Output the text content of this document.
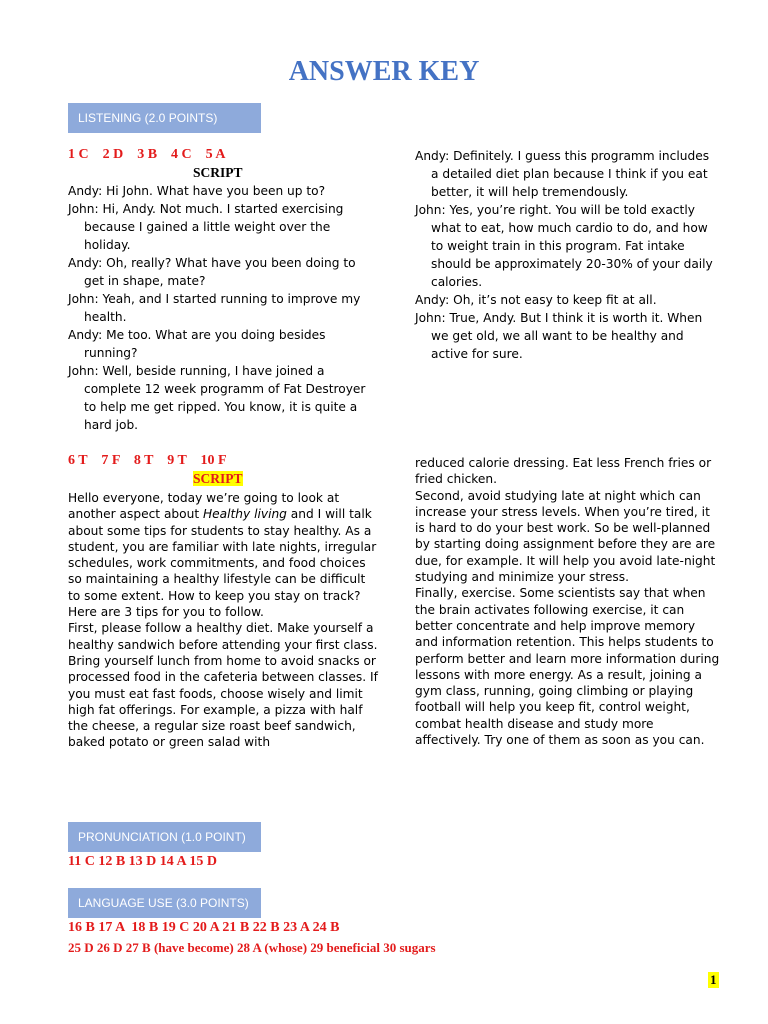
ANSWER KEY
LISTENING (2.0 POINTS)
1 C    2 D    3 B    4 C    5 A
SCRIPT
Andy: Hi John. What have you been up to?
John: Hi, Andy. Not much. I started exercising because I gained a little weight over the holiday.
Andy: Oh, really? What have you been doing to get in shape, mate?
John: Yeah, and I started running to improve my health.
Andy: Me too. What are you doing besides running?
John: Well, beside running, I have joined a complete 12 week programm of Fat Destroyer to help me get ripped. You know, it is quite a hard job.
Andy: Definitely. I guess this programm includes a detailed diet plan because I think if you eat better, it will help tremendously.
John: Yes, you’re right. You will be told exactly what to eat, how much cardio to do, and how to weight train in this program. Fat intake should be approximately 20-30% of your daily calories.
Andy: Oh, it’s not easy to keep fit at all.
John: True, Andy. But I think it is worth it. When we get old, we all want to be healthy and active for sure.
6 T    7 F    8 T    9 T    10 F
SCRIPT
Hello everyone, today we’re going to look at another aspect about Healthy living and I will talk about some tips for students to stay healthy. As a student, you are familiar with late nights, irregular schedules, work commitments, and food choices so maintaining a healthy lifestyle can be difficult to some extent. How to keep you stay on track? Here are 3 tips for you to follow.
First, please follow a healthy diet. Make yourself a healthy sandwich before attending your first class. Bring yourself lunch from home to avoid snacks or processed food in the cafeteria between classes. If you must eat fast foods, choose wisely and limit high fat offerings. For example, a pizza with half the cheese, a regular size roast beef sandwich, baked potato or green salad with
reduced calorie dressing. Eat less French fries or fried chicken.
Second, avoid studying late at night which can increase your stress levels. When you’re tired, it is hard to do your best work. So be well-planned by starting doing assignment before they are are due, for example. It will help you avoid late-night studying and minimize your stress.
Finally, exercise. Some scientists say that when the brain activates following exercise, it can better concentrate and help improve memory and information retention. This helps students to perform better and learn more information during lessons with more energy. As a result, joining a gym class, running, going climbing or playing football will help you keep fit, control weight, combat health disease and study more affectively. Try one of them as soon as you can.
PRONUNCIATION (1.0 POINT)
11 C 12 B 13 D 14 A 15 D
LANGUAGE USE (3.0 POINTS)
16 B 17 A  18 B 19 C 20 A 21 B 22 B 23 A 24 B
25 D 26 D 27 B (have become) 28 A (whose) 29 beneficial 30 sugars
1
